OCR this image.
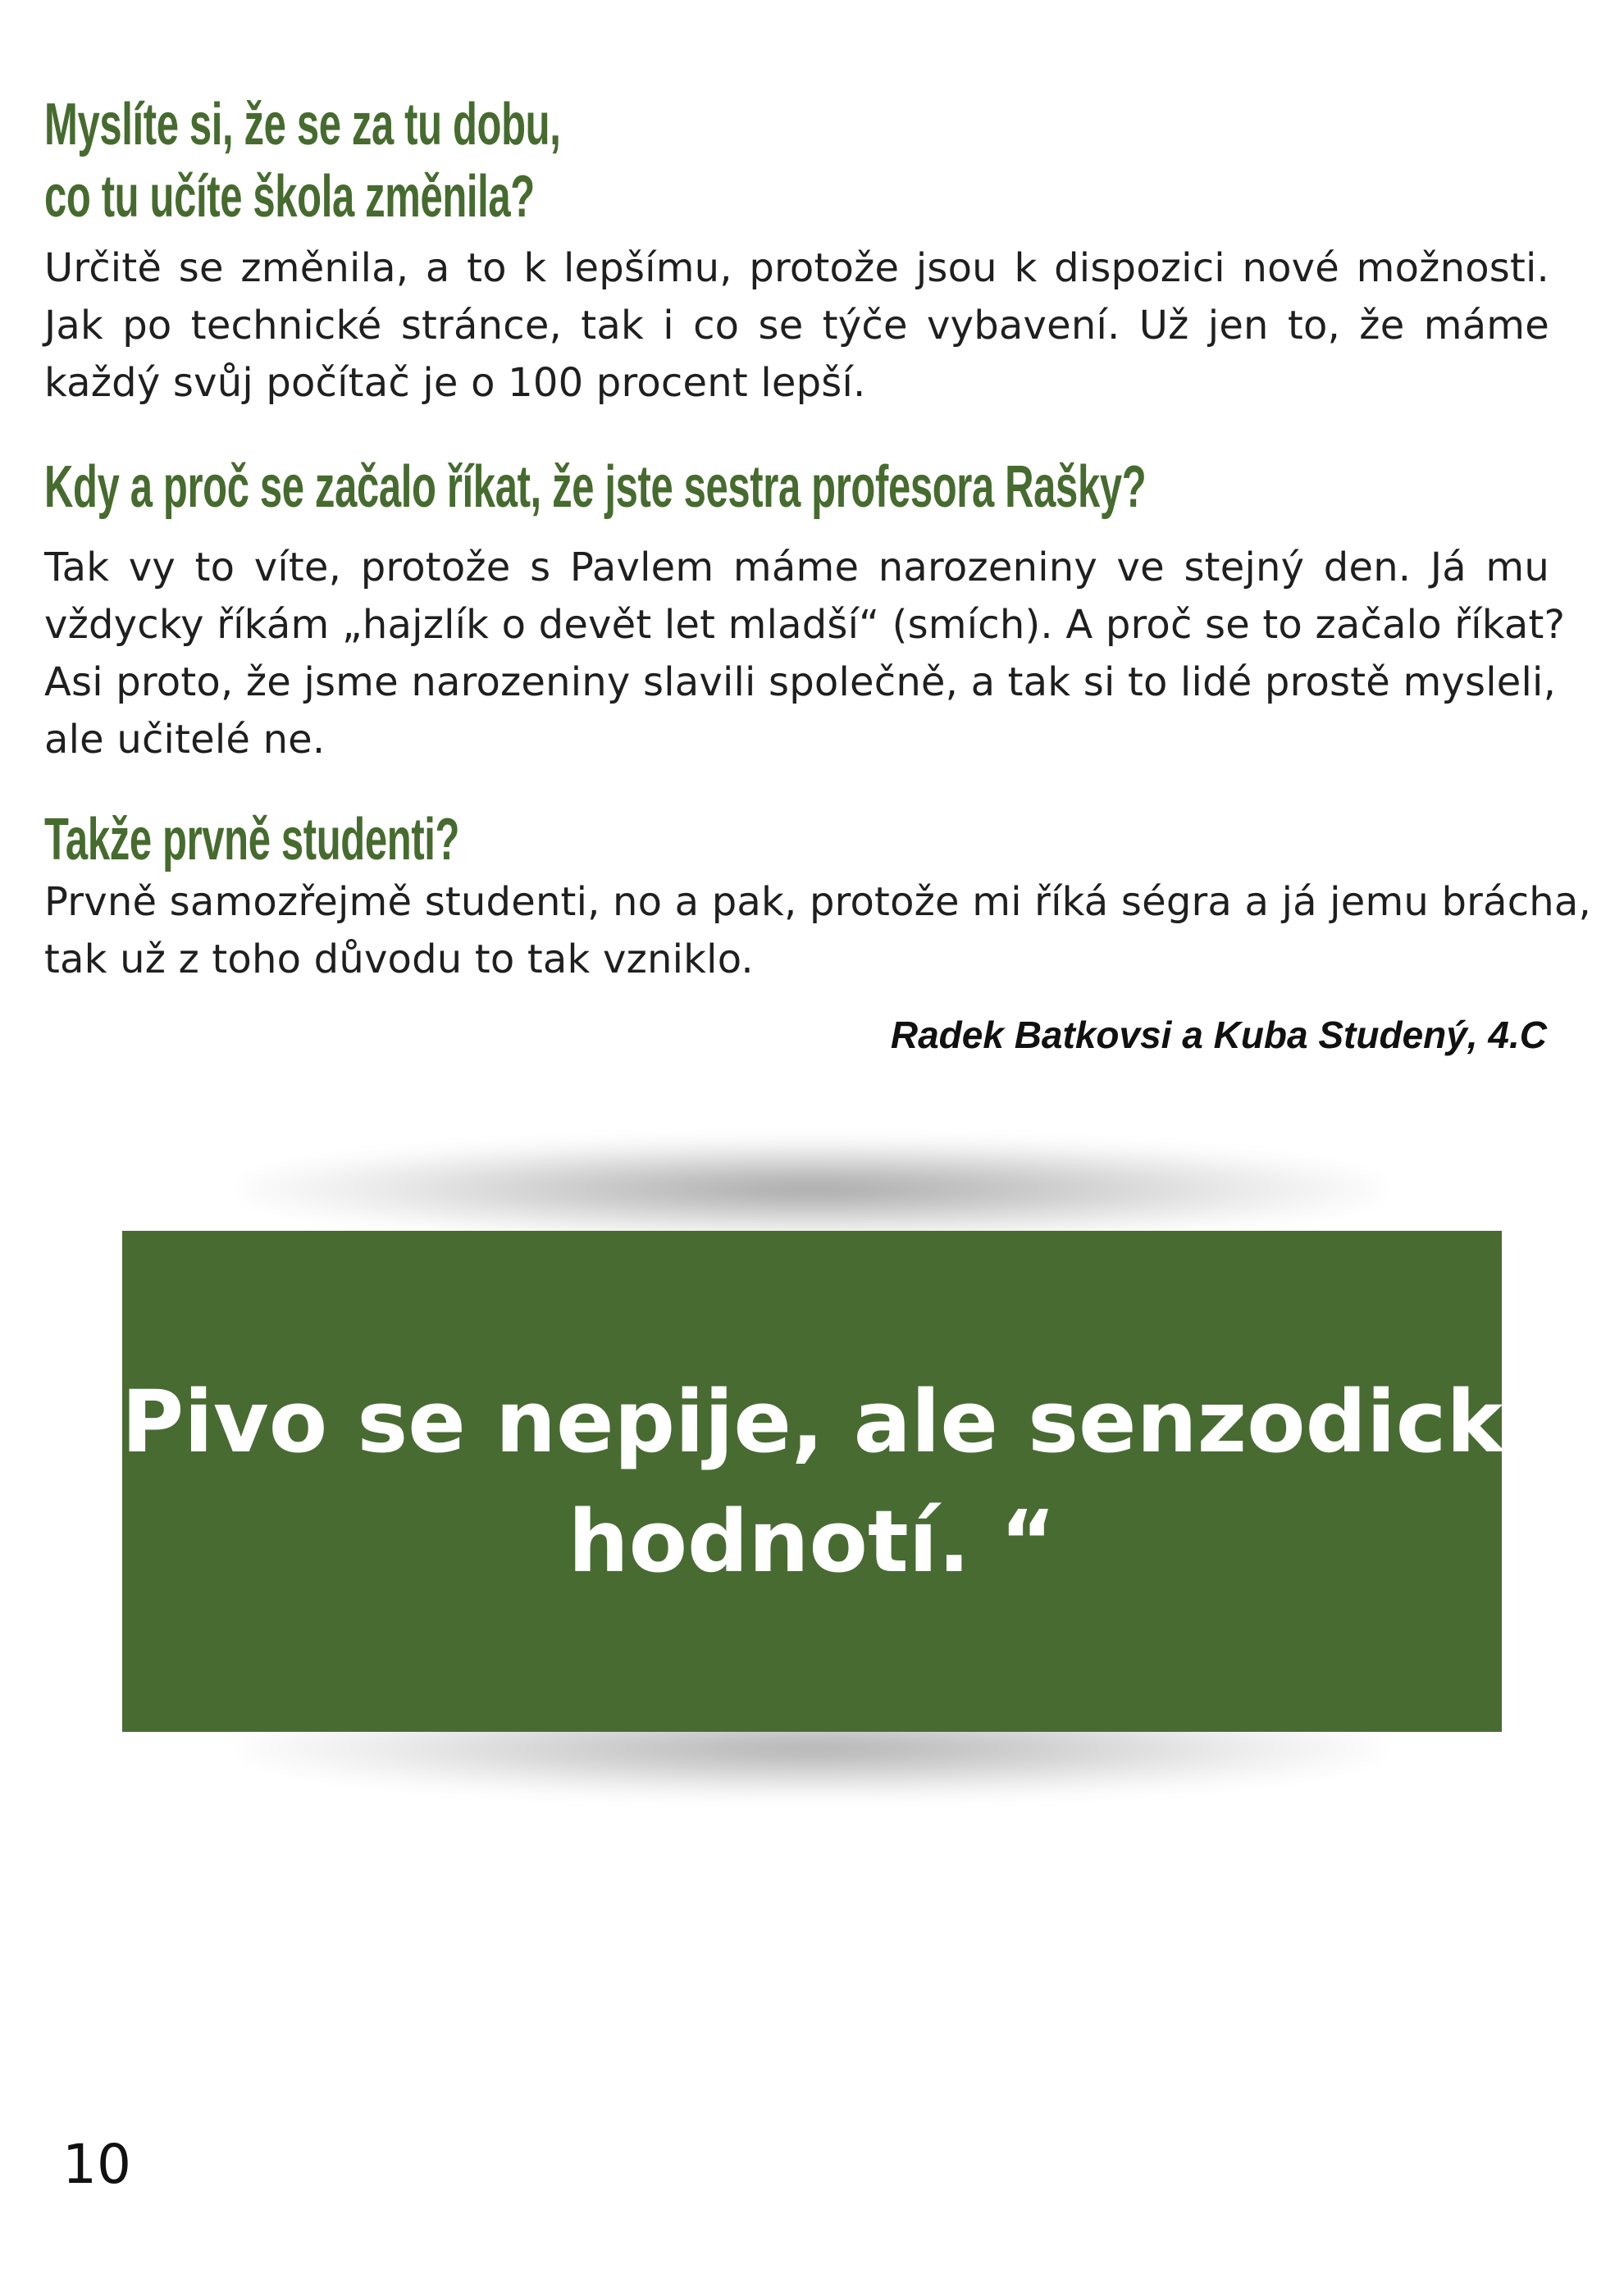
Myslíte si, že se za tu dobu,
co tu učíte škola změnila?
Určitě se změnila, a to k lepšímu, protože jsou k dispozici nové možnosti.
Jak po technické stránce, tak i co se týče vybavení. Už jen to, že máme
každý svůj počítač je o 100 procent lepší.
Kdy a proč se začalo říkat, že jste sestra profesora Rašky?
Tak vy to víte, protože s Pavlem máme narozeniny ve stejný den. Já mu
vždycky říkám „hajzlík o devět let mladší“ (smích). A proč se to začalo říkat?
Asi proto, že jsme narozeniny slavili společně, a tak si to lidé prostě mysleli,
ale učitelé ne.
Takže prvně studenti?
Prvně samozřejmě studenti, no a pak, protože mi říká ségra a já jemu brácha,
tak už z toho důvodu to tak vzniklo.
Radek Batkovsi a Kuba Studený, 4.C
„Pivo se nepije, ale senzodicky
hodnotí. “
10
